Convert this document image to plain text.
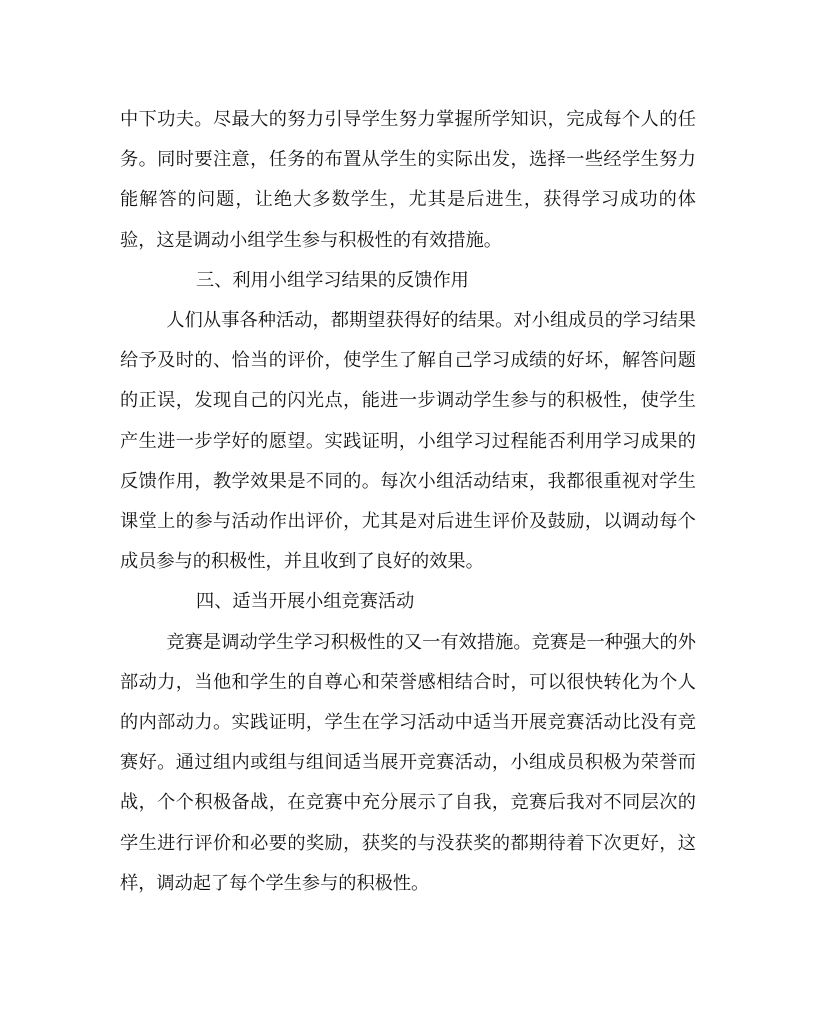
中下功夫。尽最大的努力引导学生努力掌握所学知识，完成每个人的任务。同时要注意，任务的布置从学生的实际出发，选择一些经学生努力能解答的问题，让绝大多数学生，尤其是后进生，获得学习成功的体验，这是调动小组学生参与积极性的有效措施。

三、利用小组学习结果的反馈作用

人们从事各种活动，都期望获得好的结果。对小组成员的学习结果给予及时的、恰当的评价，使学生了解自己学习成绩的好坏，解答问题的正误，发现自己的闪光点，能进一步调动学生参与的积极性，使学生产生进一步学好的愿望。实践证明，小组学习过程能否利用学习成果的反馈作用，教学效果是不同的。每次小组活动结束，我都很重视对学生课堂上的参与活动作出评价，尤其是对后进生评价及鼓励，以调动每个成员参与的积极性，并且收到了良好的效果。

四、适当开展小组竞赛活动

竞赛是调动学生学习积极性的又一有效措施。竞赛是一种强大的外部动力，当他和学生的自尊心和荣誉感相结合时，可以很快转化为个人的内部动力。实践证明，学生在学习活动中适当开展竞赛活动比没有竞赛好。通过组内或组与组间适当展开竞赛活动，小组成员积极为荣誉而战，个个积极备战，在竞赛中充分展示了自我，竞赛后我对不同层次的学生进行评价和必要的奖励，获奖的与没获奖的都期待着下次更好，这样，调动起了每个学生参与的积极性。
